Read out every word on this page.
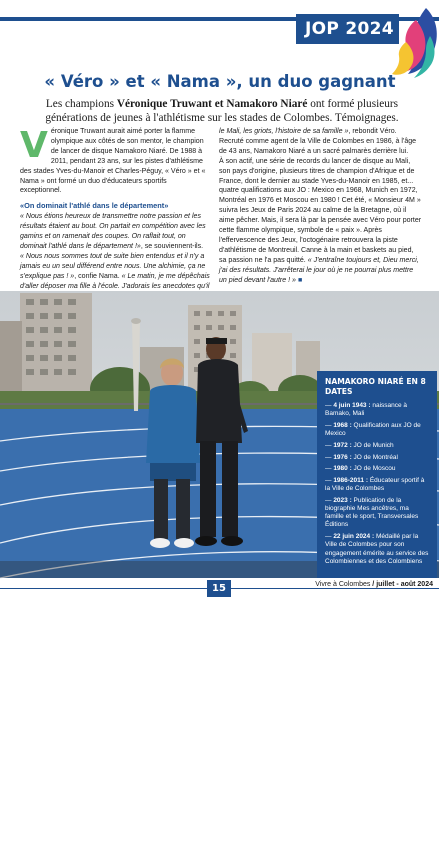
JOP 2024
« Véro » et « Nama », un duo gagnant
Les champions Véronique Truwant et Namakoro Niaré ont formé plusieurs générations de jeunes à l'athlétisme sur les stades de Colombes. Témoignages.

Véronique Truwant aurait aimé porter la flamme olympique aux côtés de son mentor, le champion de lancer de disque Namakoro Niaré. De 1988 à 2011, pendant 23 ans, sur les pistes d'athlétisme des stades Yves-du-Manoir et Charles-Péguy, « Véro » et « Nama » ont formé un duo d'éducateurs sportifs exceptionnel.

«On dominait l'athlé dans le département»

« Nous étions heureux de transmettre notre passion et les résultats étaient au bout. On partait en compétition avec les gamins et on ramenait des coupes. On raflait tout, on dominait l'athlé dans le département !», se souviennent-ils.

« Nous nous sommes tout de suite bien entendus et il n'y a jamais eu un seul différend entre nous. Une alchimie, ça ne s'explique pas ! », confie Nama. « Le matin, je me dépêchais d'aller déposer ma fille à l'école. J'adorais les anecdotes qu'il

le Mali, les griots, l'histoire de sa famille », rebondit Véro. Recruté comme agent de la Ville de Colombes en 1986, à l'âge de 43 ans, Namakoro Niaré a un sacré palmarès derrière lui.

À son actif, une série de records du lancer de disque au Mali, son pays d'origine, plusieurs titres de champion d'Afrique et de France, dont le dernier au stade Yves-du-Manoir en 1985, et... quatre qualifications aux JO : Mexico en 1968, Munich en 1972, Montréal en 1976 et Moscou en 1980 ! Cet été, « Monsieur 4M » suivra les Jeux de Paris 2024 au calme de la Bretagne, où il aime pêcher. Mais, il sera là par la pensée avec Véro pour porter cette flamme olympique, symbole de « paix ». Après l'effervescence des Jeux, l'octogénaire retrouvera la piste d'athlétisme de Montreuil. Canne à la main et baskets au pied, sa passion ne l'a pas quitté. « J'entraîne toujours et, Dieu merci, j'ai des résultats. J'arrêterai le jour où je ne pourrai plus mettre un pied devant l'autre ! » ■

Véronique Truwant et Namakoro Niaré, devant la tour du 12, avenue Audra, où Namakoro a vécu pendant 30 ans, de 1979 à 2009.

NAMAKORO NIARÉ EN 8 DATES

— 4 juin 1943 : naissance à Bamako, Mali
— 1968 : Qualification aux JO de Mexico
— 1972 : JO de Munich
— 1976 : JO de Montréal
— 1980 : JO de Moscou
— 1986-2011 : Éducateur sportif à la Ville de Colombes
— 2023 : Publication de la biographie Mes ancêtres, ma famille et le sport, Transversales Éditions
— 22 juin 2024 : Médaillé par la Ville de Colombes pour son engagement émérite au service des Colombiennes et des Colombiens
15	Vivre à Colombes / juillet - août 2024
